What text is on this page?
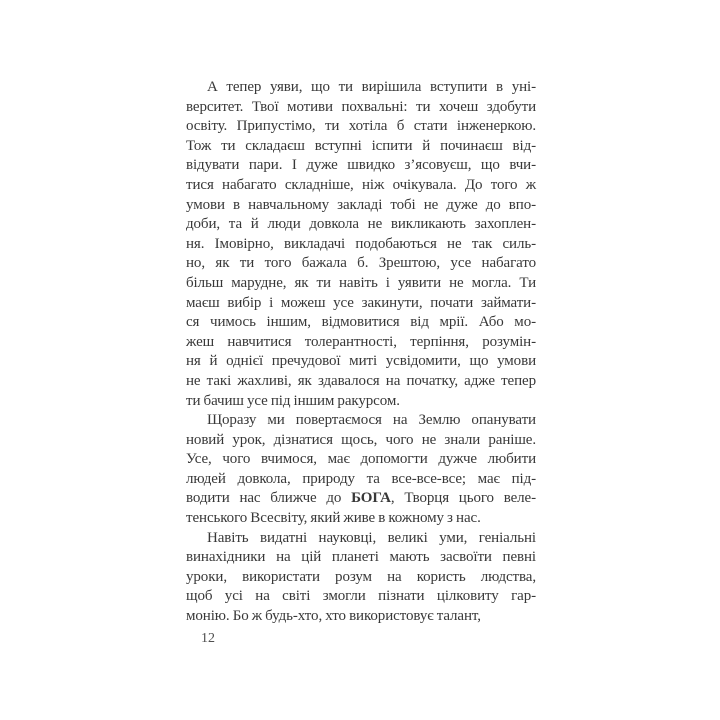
А тепер уяви, що ти вирішила вступити в уні-
верситет. Твої мотиви похвальні: ти хочеш здобути
освіту. Припустімо, ти хотіла б стати інженеркою.
Тож ти складаєш вступні іспити й починаєш від-
відувати пари. І дуже швидко з’ясовуєш, що вчи-
тися набагато складніше, ніж очікувала. До того ж
умови в навчальному закладі тобі не дуже до впо-
доби, та й люди довкола не викликають захоплен-
ня. Імовірно, викладачі подобаються не так силь-
но, як ти того бажала б. Зрештою, усе набагато
більш марудне, як ти навіть і уявити не могла. Ти
маєш вибір і можеш усе закинути, почати займати-
ся чимось іншим, відмовитися від мрії. Або мо-
жеш навчитися толерантності, терпіння, розумін-
ня й однієї пречудової миті усвідомити, що умови
не такі жахливі, як здавалося на початку, адже тепер
ти бачиш усе під іншим ракурсом.
Щоразу ми повертаємося на Землю опанувати
новий урок, дізнатися щось, чого не знали раніше.
Усе, чого вчимося, має допомогти дужче любити
людей довкола, природу та все-все-все; має під-
водити нас ближче до БОГА, Творця цього веле-
тенського Всесвіту, який живе в кожному з нас.
Навіть видатні науковці, великі уми, геніальні
винахідники на цій планеті мають засвоїти певні
уроки, використати розум на користь людства,
щоб усі на світі змогли пізнати цілковиту гар-
монію. Бо ж будь-хто, хто використовує талант,
12
